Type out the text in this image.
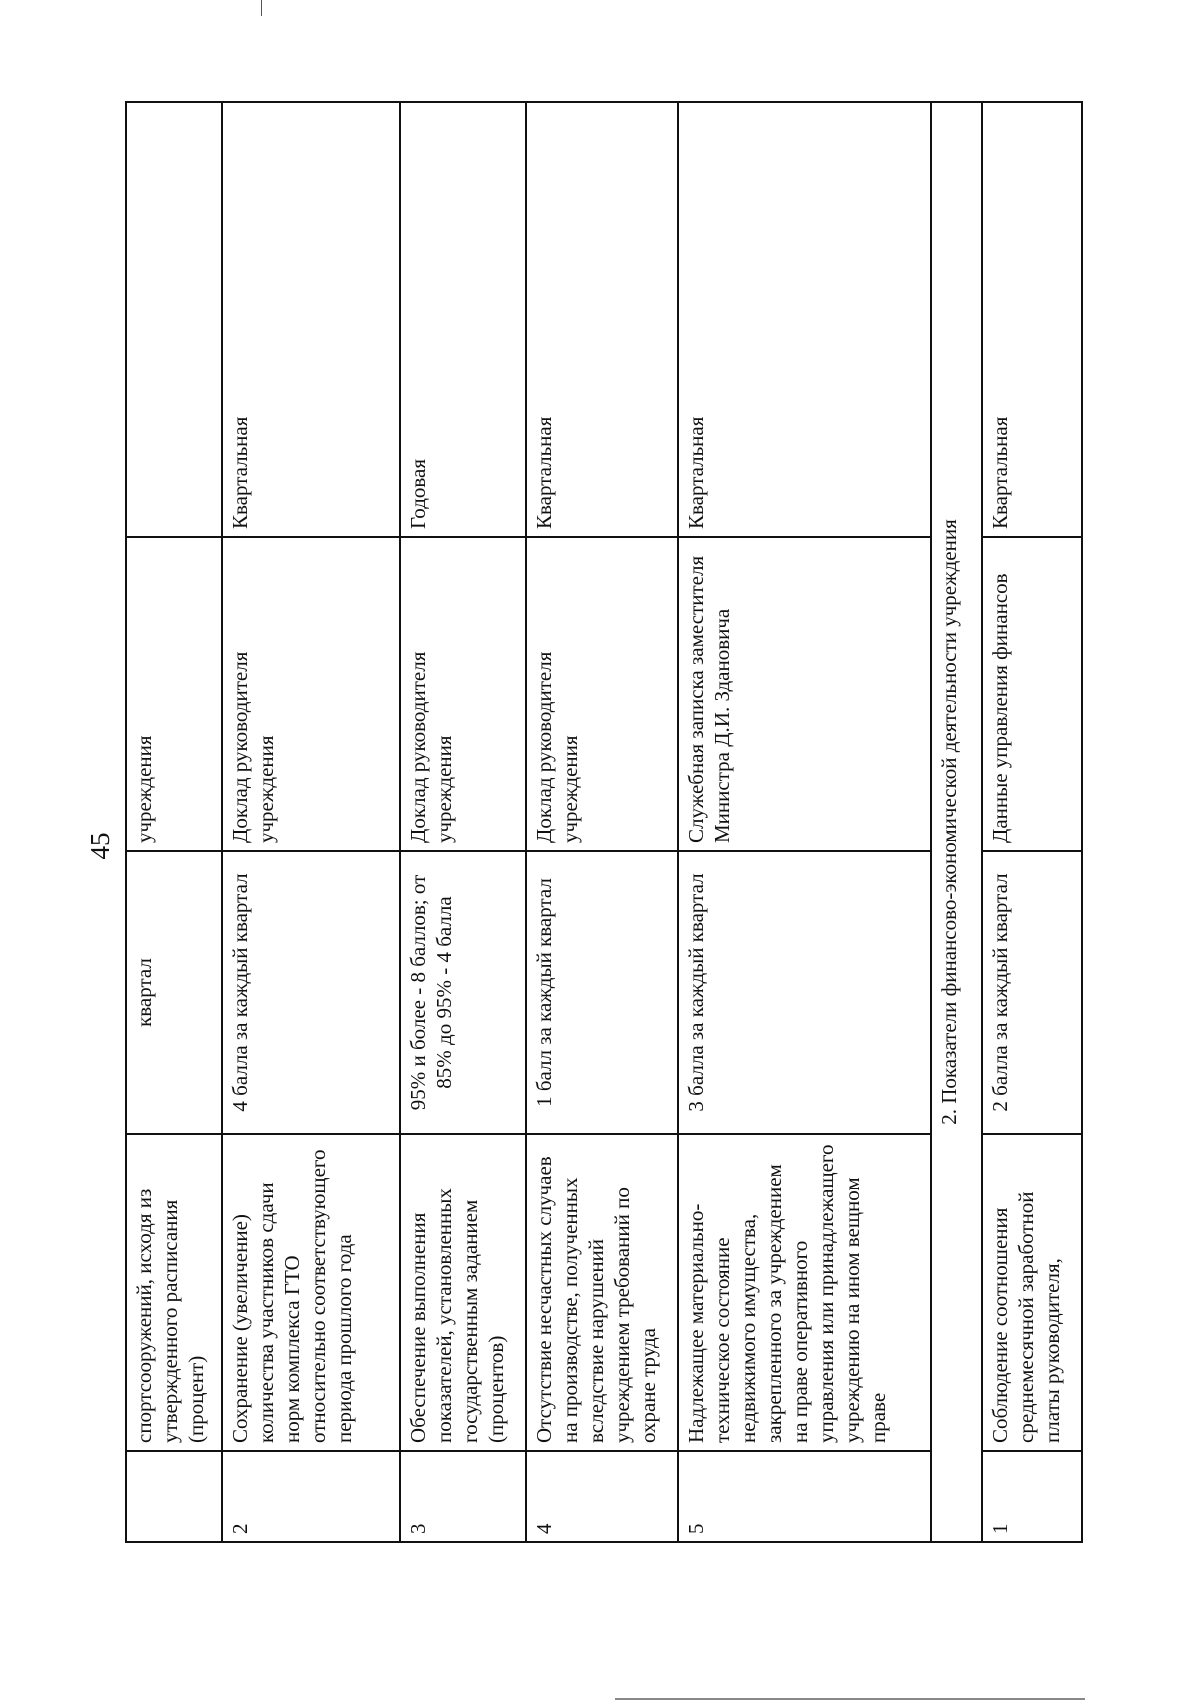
45
	спортсооружений, исходя из утвержденного расписания (процент)	квартал	учреждения	
2	Сохранение (увеличение) количества участников сдачи норм комплекса ГТО относительно соответствующего периода прошлого года	4 балла за каждый квартал	Доклад руководителя учреждения	Квартальная
3	Обеспечение выполнения показателей, установленных государственным заданием (процентов)	95% и более - 8 баллов; от 85% до 95% - 4 балла	Доклад руководителя учреждения	Годовая
4	Отсутствие несчастных случаев на производстве, полученных вследствие нарушений учреждением требований по охране труда	1 балл за каждый квартал	Доклад руководителя учреждения	Квартальная
5	Надлежащее материально-техническое состояние недвижимого имущества, закрепленного за учреждением на праве оперативного управления или принадлежащего учреждению на ином вещном праве	3 балла за каждый квартал	Служебная записка заместителя Министра Д.И. Здановича	Квартальная
2. Показатели финансово-экономической деятельности учреждения				
1	Соблюдение соотношения среднемесячной заработной платы руководителя,	2 балла за каждый квартал	Данные управления финансов	Квартальная
